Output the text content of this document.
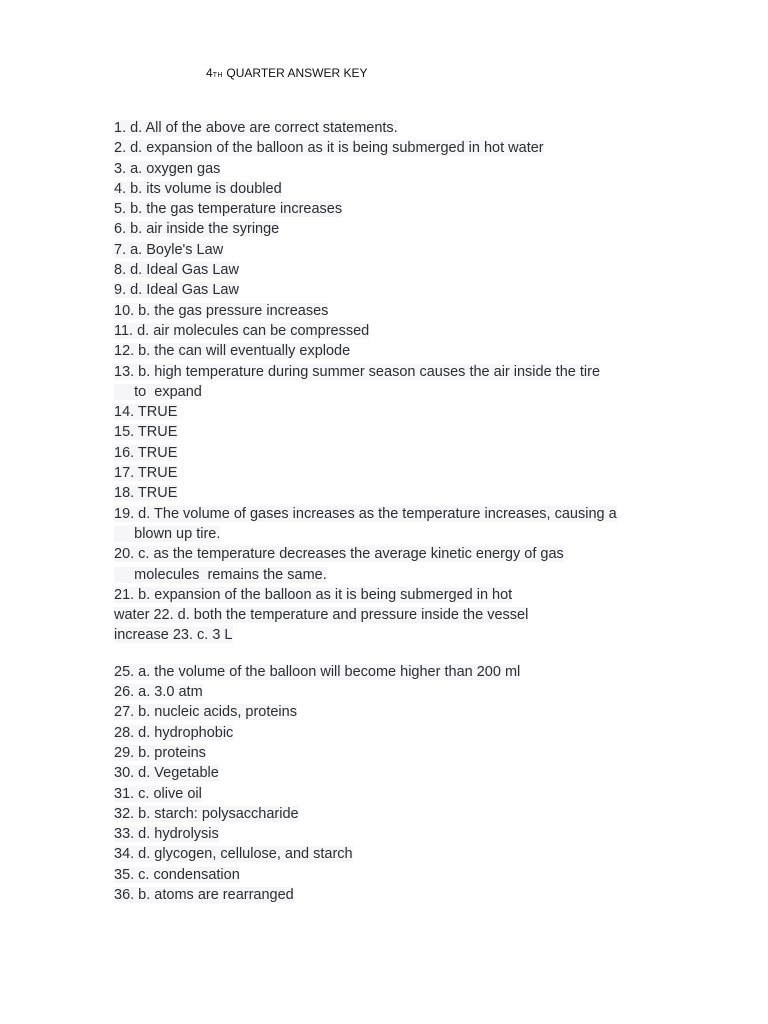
4TH QUARTER ANSWER KEY
1. d. All of the above are correct statements.
2. d. expansion of the balloon as it is being submerged in hot water
3. a. oxygen gas
4. b. its volume is doubled
5. b. the gas temperature increases
6. b. air inside the syringe
7. a. Boyle's Law
8. d. Ideal Gas Law
9. d. Ideal Gas Law
10. b. the gas pressure increases
11. d. air molecules can be compressed
12. b. the can will eventually explode
13. b. high temperature during summer season causes the air inside the tire
to  expand
14. TRUE
15. TRUE
16. TRUE
17. TRUE
18. TRUE
19. d. The volume of gases increases as the temperature increases, causing a
blown up tire.
20. c. as the temperature decreases the average kinetic energy of gas
molecules  remains the same.
21. b. expansion of the balloon as it is being submerged in hot
water 22. d. both the temperature and pressure inside the vessel
increase 23. c. 3 L
25. a. the volume of the balloon will become higher than 200 ml
26. a. 3.0 atm
27. b. nucleic acids, proteins
28. d. hydrophobic
29. b. proteins
30. d. Vegetable
31. c. olive oil
32. b. starch: polysaccharide
33. d. hydrolysis
34. d. glycogen, cellulose, and starch
35. c. condensation
36. b. atoms are rearranged
